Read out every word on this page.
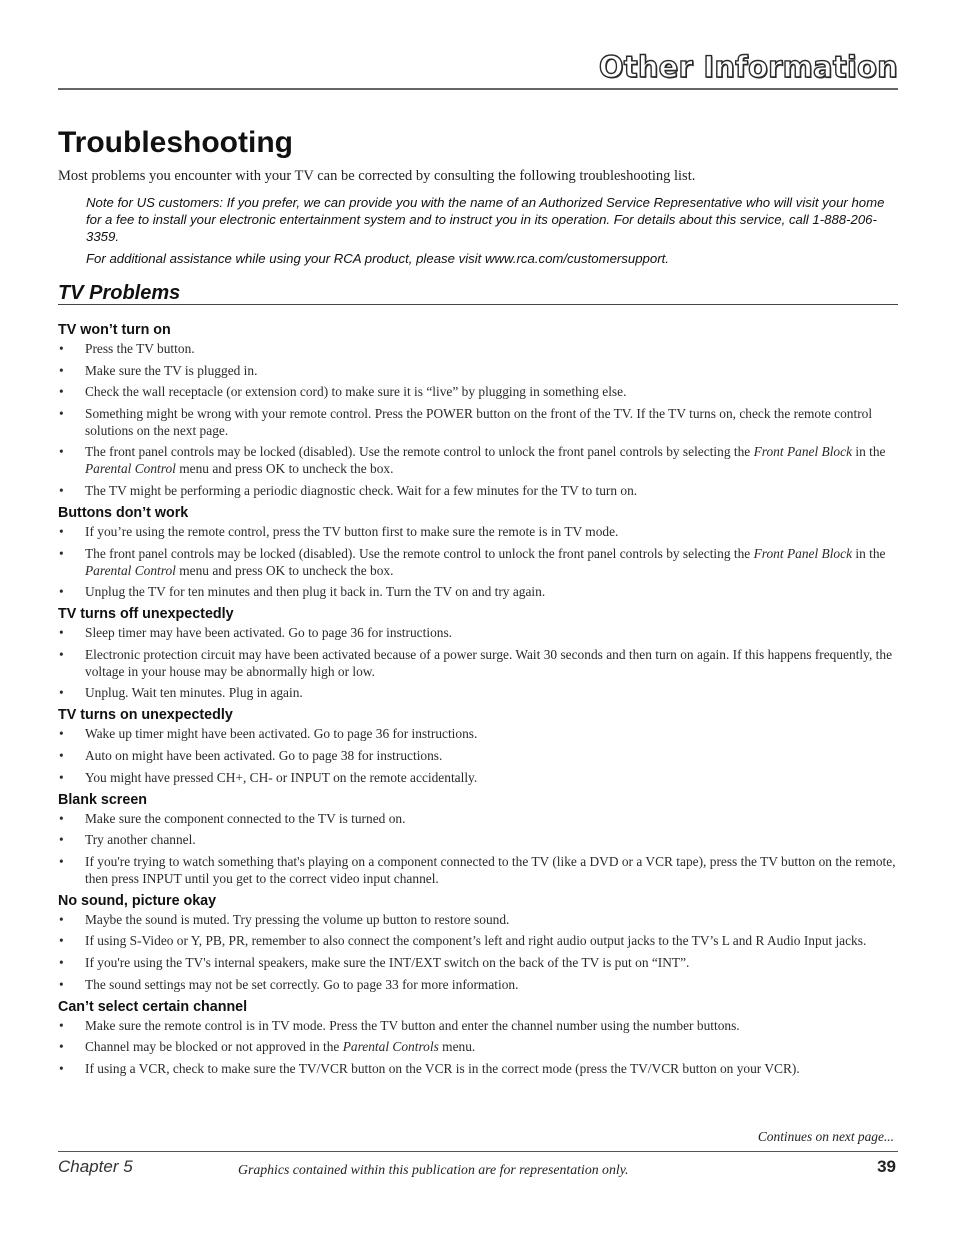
Other Information
Troubleshooting
Most problems you encounter with your TV can be corrected by consulting the following troubleshooting list.
Note for US customers: If you prefer, we can provide you with the name of an Authorized Service Representative who will visit your home for a fee to install your electronic entertainment system and to instruct you in its operation. For details about this service, call 1-888-206-3359.
For additional assistance while using your RCA product, please visit www.rca.com/customersupport.
TV Problems
TV won’t turn on
• Press the TV button.
• Make sure the TV is plugged in.
• Check the wall receptacle (or extension cord) to make sure it is “live” by plugging in something else.
• Something might be wrong with your remote control. Press the POWER button on the front of the TV. If the TV turns on, check the remote control solutions on the next page.
• The front panel controls may be locked (disabled). Use the remote control to unlock the front panel controls by selecting the Front Panel Block in the Parental Control menu and press OK to uncheck the box.
• The TV might be performing a periodic diagnostic check. Wait for a few minutes for the TV to turn on.
Buttons don’t work
• If you’re using the remote control, press the TV button first to make sure the remote is in TV mode.
• The front panel controls may be locked (disabled). Use the remote control to unlock the front panel controls by selecting the Front Panel Block in the Parental Control menu and press OK to uncheck the box.
• Unplug the TV for ten minutes and then plug it back in. Turn the TV on and try again.
TV turns off unexpectedly
• Sleep timer may have been activated. Go to page 36 for instructions.
• Electronic protection circuit may have been activated because of a power surge. Wait 30 seconds and then turn on again. If this happens frequently, the voltage in your house may be abnormally high or low.
• Unplug. Wait ten minutes. Plug in again.
TV turns on unexpectedly
• Wake up timer might have been activated. Go to page 36 for instructions.
• Auto on might have been activated. Go to page 38 for instructions.
• You might have pressed CH+, CH- or INPUT on the remote accidentally.
Blank screen
• Make sure the component connected to the TV is turned on.
• Try another channel.
• If you're trying to watch something that's playing on a component connected to the TV (like a DVD or a VCR tape), press the TV button on the remote, then press INPUT until you get to the correct video input channel.
No sound, picture okay
• Maybe the sound is muted. Try pressing the volume up button to restore sound.
• If using S-Video or Y, PB, PR, remember to also connect the component’s left and right audio output jacks to the TV’s L and R Audio Input jacks.
• If you're using the TV's internal speakers, make sure the INT/EXT switch on the back of the TV is put on “INT”.
• The sound settings may not be set correctly. Go to page 33 for more information.
Can’t select certain channel
• Make sure the remote control is in TV mode. Press the TV button and enter the channel number using the number buttons.
• Channel may be blocked or not approved in the Parental Controls menu.
• If using a VCR, check to make sure the TV/VCR button on the VCR is in the correct mode (press the TV/VCR button on your VCR).
Continues on next page...
Chapter 5	Graphics contained within this publication are for representation only.	39
